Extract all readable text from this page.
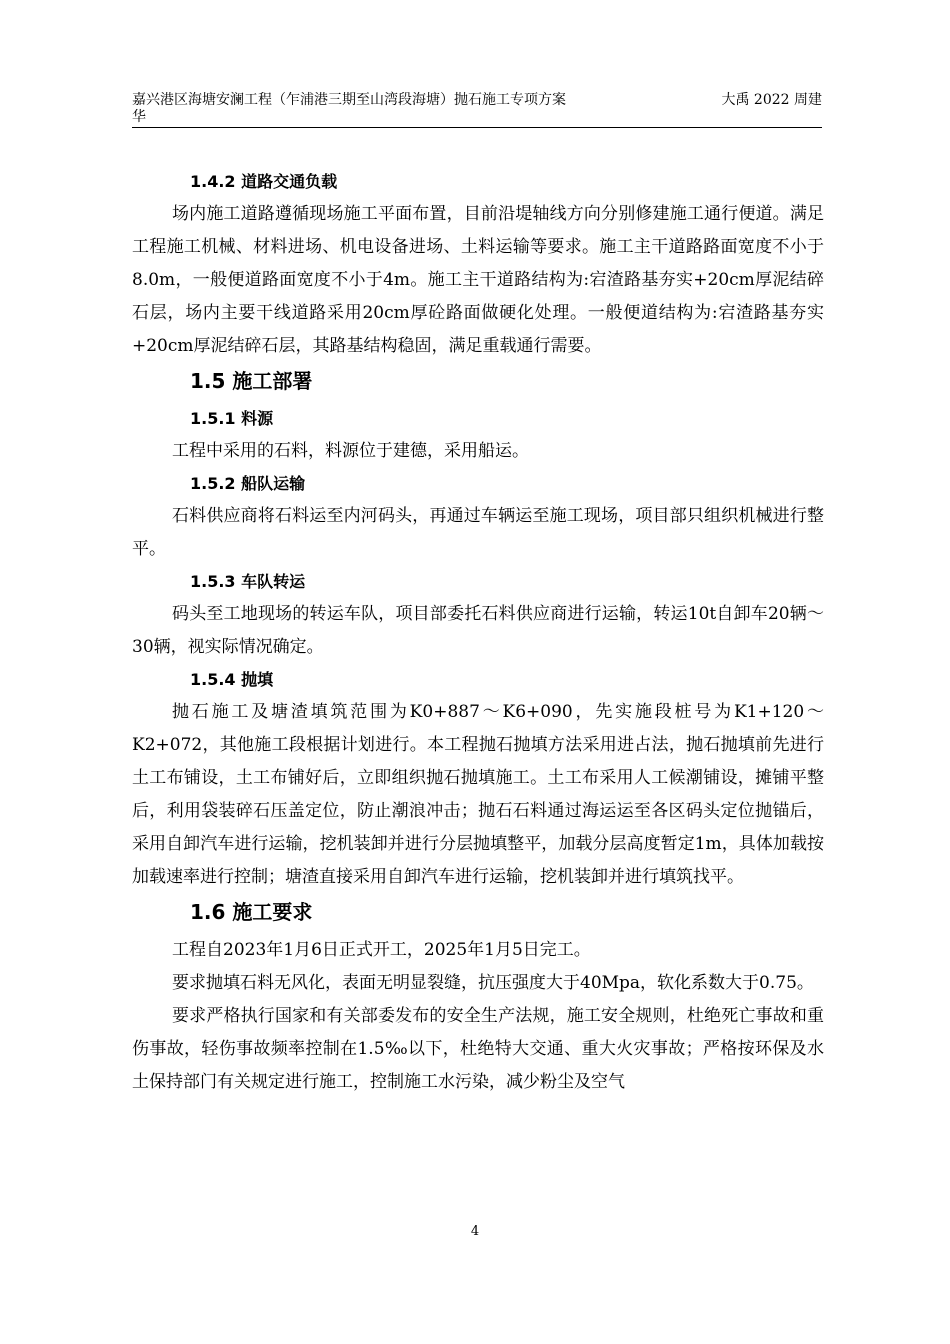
嘉兴港区海塘安澜工程（乍浦港三期至山湾段海塘）抛石施工专项方案	大禹 2022 周建
华
1.4.2 道路交通负载

场内施工道路遵循现场施工平面布置，目前沿堤轴线方向分别修建施工通行便道。满足工程施工机械、材料进场、机电设备进场、土料运输等要求。施工主干道路路面宽度不小于8.0m，一般便道路面宽度不小于4m。施工主干道路结构为:宕渣路基夯实+20cm厚泥结碎石层，场内主要干线道路采用20cm厚砼路面做硬化处理。一般便道结构为:宕渣路基夯实+20cm厚泥结碎石层，其路基结构稳固，满足重载通行需要。

1.5 施工部署
1.5.1 料源

工程中采用的石料，料源位于建德，采用船运。

1.5.2 船队运输

石料供应商将石料运至内河码头，再通过车辆运至施工现场，项目部只组织机械进行整平。

1.5.3 车队转运

码头至工地现场的转运车队，项目部委托石料供应商进行运输，转运10t自卸车20辆～30辆，视实际情况确定。

1.5.4 抛填

抛石施工及塘渣填筑范围为K0+887～K6+090，先实施段桩号为K1+120～K2+072，其他施工段根据计划进行。本工程抛石抛填方法采用进占法，抛石抛填前先进行土工布铺设，土工布铺好后，立即组织抛石抛填施工。土工布采用人工候潮铺设，摊铺平整后，利用袋装碎石压盖定位，防止潮浪冲击；抛石石料通过海运运至各区码头定位抛锚后，采用自卸汽车进行运输，挖机装卸并进行分层抛填整平，加载分层高度暂定1m，具体加载按加载速率进行控制；塘渣直接采用自卸汽车进行运输，挖机装卸并进行填筑找平。

1.6 施工要求

工程自2023年1月6日正式开工，2025年1月5日完工。

要求抛填石料无风化，表面无明显裂缝，抗压强度大于40Mpa，软化系数大于0.75。

要求严格执行国家和有关部委发布的安全生产法规，施工安全规则，杜绝死亡事故和重伤事故，轻伤事故频率控制在1.5‰以下，杜绝特大交通、重大火灾事故；严格按环保及水土保持部门有关规定进行施工，控制施工水污染，减少粉尘及空气

4
